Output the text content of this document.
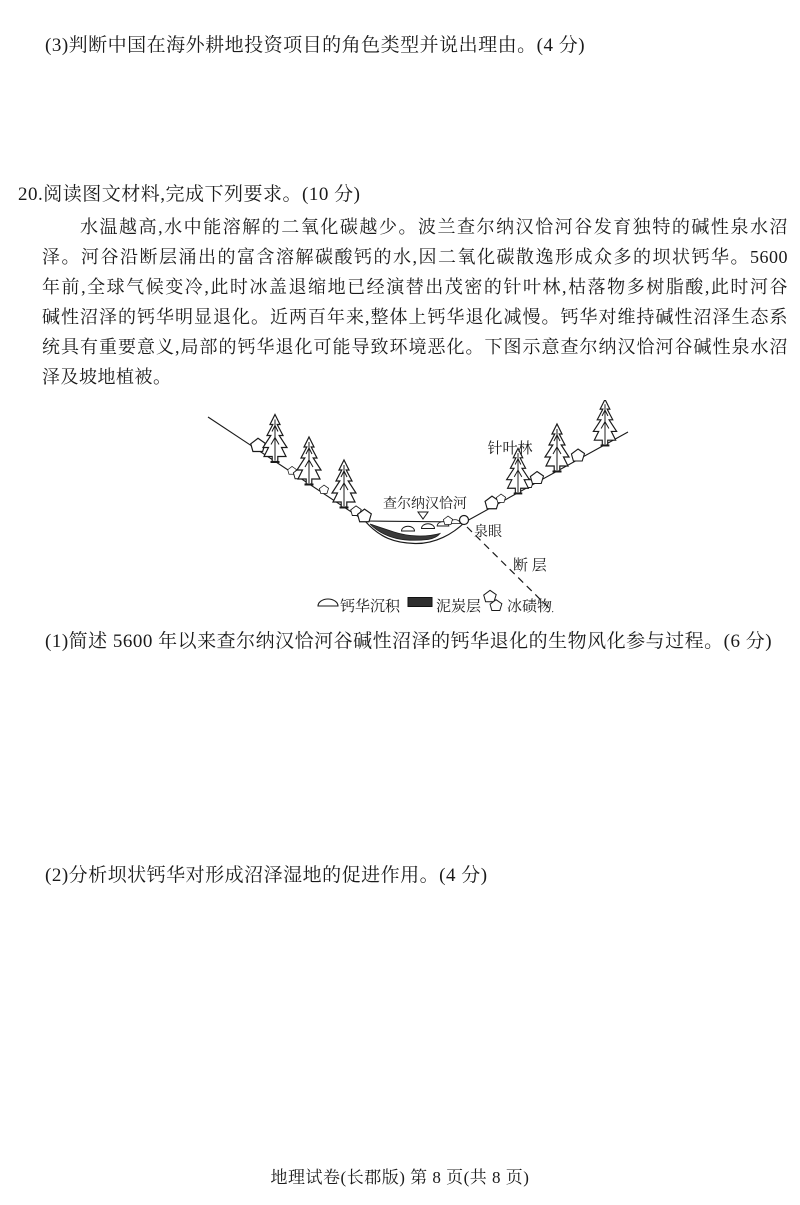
(3)判断中国在海外耕地投资项目的角色类型并说出理由。(4 分)
20.阅读图文材料,完成下列要求。(10 分)
水温越高,水中能溶解的二氧化碳越少。波兰查尔纳汉恰河谷发育独特的碱性泉水沼
泽。河谷沿断层涌出的富含溶解碳酸钙的水,因二氧化碳散逸形成众多的坝状钙华。5600
年前,全球气候变冷,此时冰盖退缩地已经演替出茂密的针叶林,枯落物多树脂酸,此时河谷
碱性沼泽的钙华明显退化。近两百年来,整体上钙华退化减慢。钙华对维持碱性沼泽生态系
统具有重要意义,局部的钙华退化可能导致环境恶化。下图示意查尔纳汉恰河谷碱性泉水沼
泽及坡地植被。
针叶林
查尔纳汉恰河
泉眼
断 层
钙华沉积 泥炭层 冰碛物
(1)简述 5600 年以来查尔纳汉恰河谷碱性沼泽的钙华退化的生物风化参与过程。(6 分)
(2)分析坝状钙华对形成沼泽湿地的促进作用。(4 分)
地理试卷(长郡版) 第 8 页(共 8 页)
